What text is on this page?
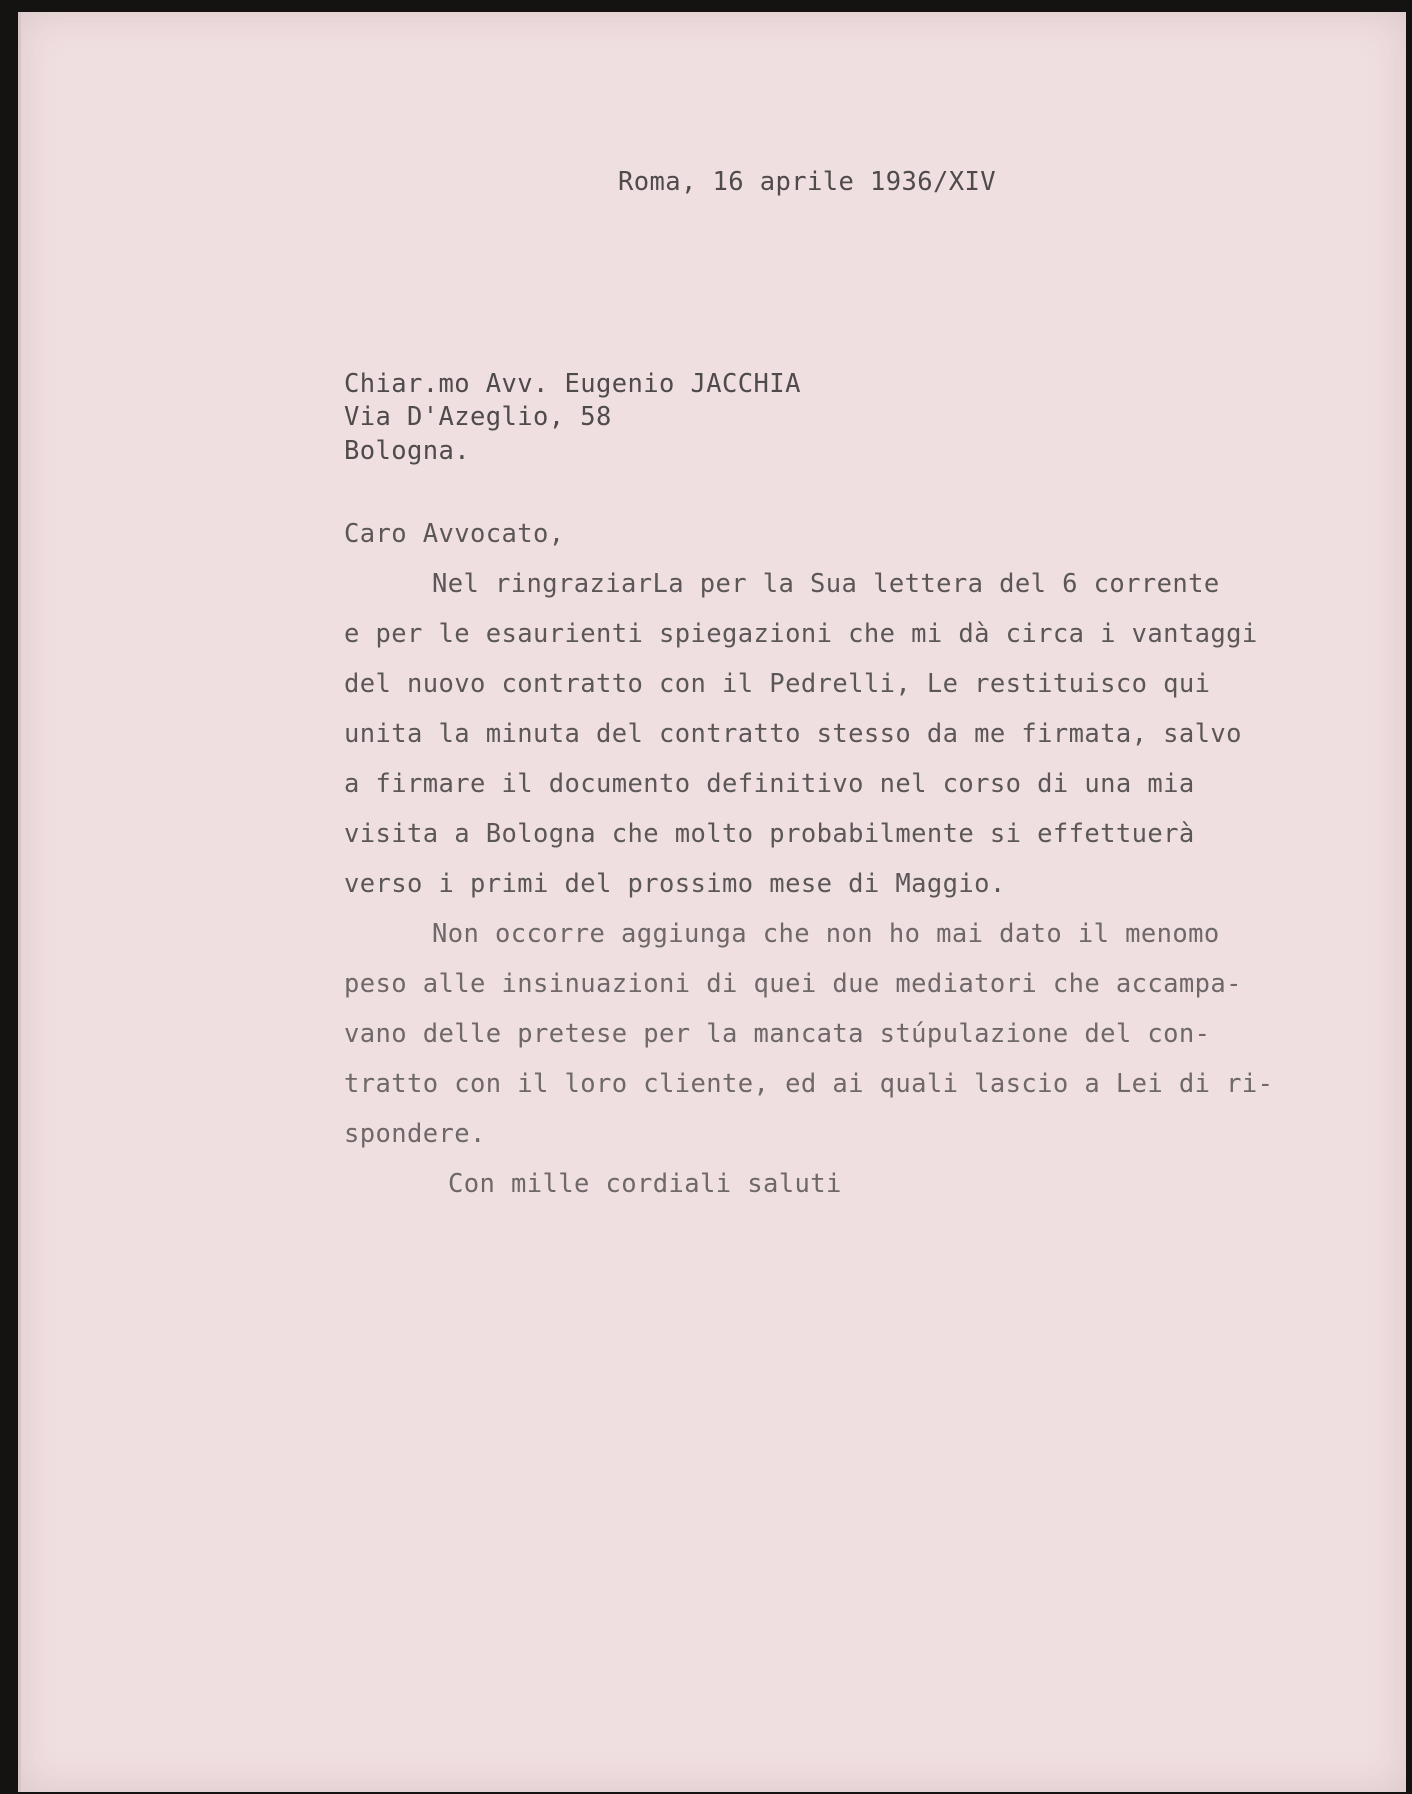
Roma, 16 aprile 1936/XIV

Chiar.mo Avv. Eugenio JACCHIA

Via D'Azeglio, 58

Bologna.

Caro Avvocato,

Nel ringraziarLa per la Sua lettera del 6 corrente

e per le esaurienti spiegazioni che mi dà circa i vantaggi

del nuovo contratto con il Pedrelli, Le restituisco qui

unita la minuta del contratto stesso da me firmata, salvo

a firmare il documento definitivo nel corso di una mia

visita a Bologna che molto probabilmente si effettuerà

verso i primi del prossimo mese di Maggio.

Non occorre aggiunga che non ho mai dato il menomo

peso alle insinuazioni di quei due mediatori che accampa-

vano delle pretese per la mancata stúpulazione del con-

tratto con il loro cliente, ed ai quali lascio a Lei di ri-

spondere.

Con mille cordiali saluti
